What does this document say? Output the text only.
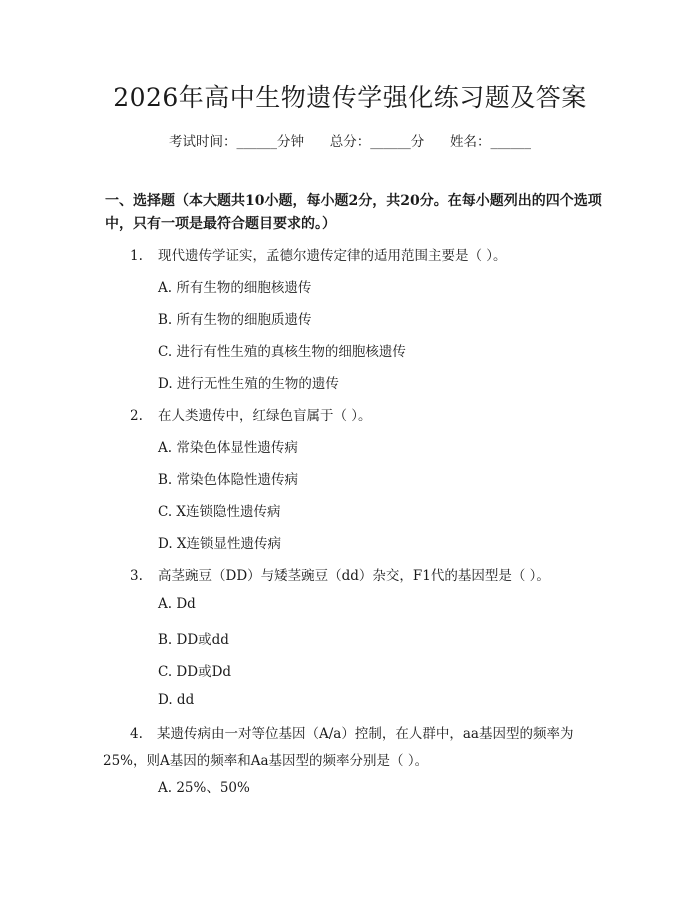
2026年高中生物遗传学强化练习题及答案
考试时间：______分钟 总分：______分 姓名：______
一、选择题（本大题共10小题，每小题2分，共20分。在每小题列出的四个选项中，只有一项是最符合题目要求的。）
1. 现代遗传学证实，孟德尔遗传定律的适用范围主要是（ ）。
A. 所有生物的细胞核遗传
B. 所有生物的细胞质遗传
C. 进行有性生殖的真核生物的细胞核遗传
D. 进行无性生殖的生物的遗传
2. 在人类遗传中，红绿色盲属于（ ）。
A. 常染色体显性遗传病
B. 常染色体隐性遗传病
C. X连锁隐性遗传病
D. X连锁显性遗传病
3. 高茎豌豆（DD）与矮茎豌豆（dd）杂交，F1代的基因型是（ ）。
A. Dd
B. DD或dd
C. DD或Dd
D. dd
4. 某遗传病由一对等位基因（A/a）控制，在人群中，aa基因型的频率为25%，则A基因的频率和Aa基因型的频率分别是（ ）。
A. 25%、50%
